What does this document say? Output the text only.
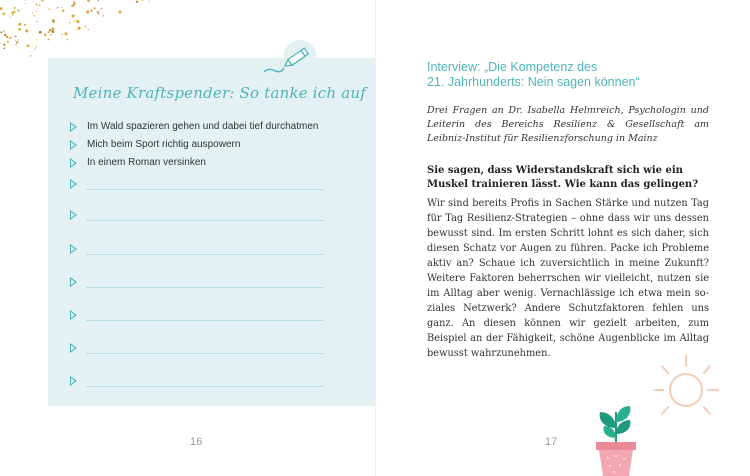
Meine Kraftspender: So tanke ich auf
Im Wald spazieren gehen und dabei tief durchatmen
Mich beim Sport richtig auspowern
In einem Roman versinken
16
Interview: „Die Kompetenz des
21. Jahrhunderts: Nein sagen können“
Drei Fragen an Dr. Isabella Helmreich, Psychologin und Leiterin des Bereichs Resilienz & Gesellschaft am Leibniz-Institut für Resilienzforschung in Mainz
Sie sagen, dass Widerstandskraft sich wie ein Muskel trainieren lässt. Wie kann das gelingen?
Wir sind bereits Profis in Sachen Stärke und nutzen Tag für Tag Resilienz-Strategien – ohne dass wir uns dessen bewusst sind. Im ersten Schritt lohnt es sich daher, sich diesen Schatz vor Augen zu führen. Packe ich Probleme aktiv an? Schaue ich zuversichtlich in meine Zukunft? Weitere Faktoren beherrschen wir vielleicht, nutzen sie im Alltag aber wenig. Vernachlässige ich etwa mein soziales Netzwerk? Andere Schutzfaktoren fehlen uns ganz. An diesen können wir gezielt arbeiten, zum Beispiel an der Fähigkeit, schöne Augenblicke im Alltag bewusst wahrzunehmen.
17
